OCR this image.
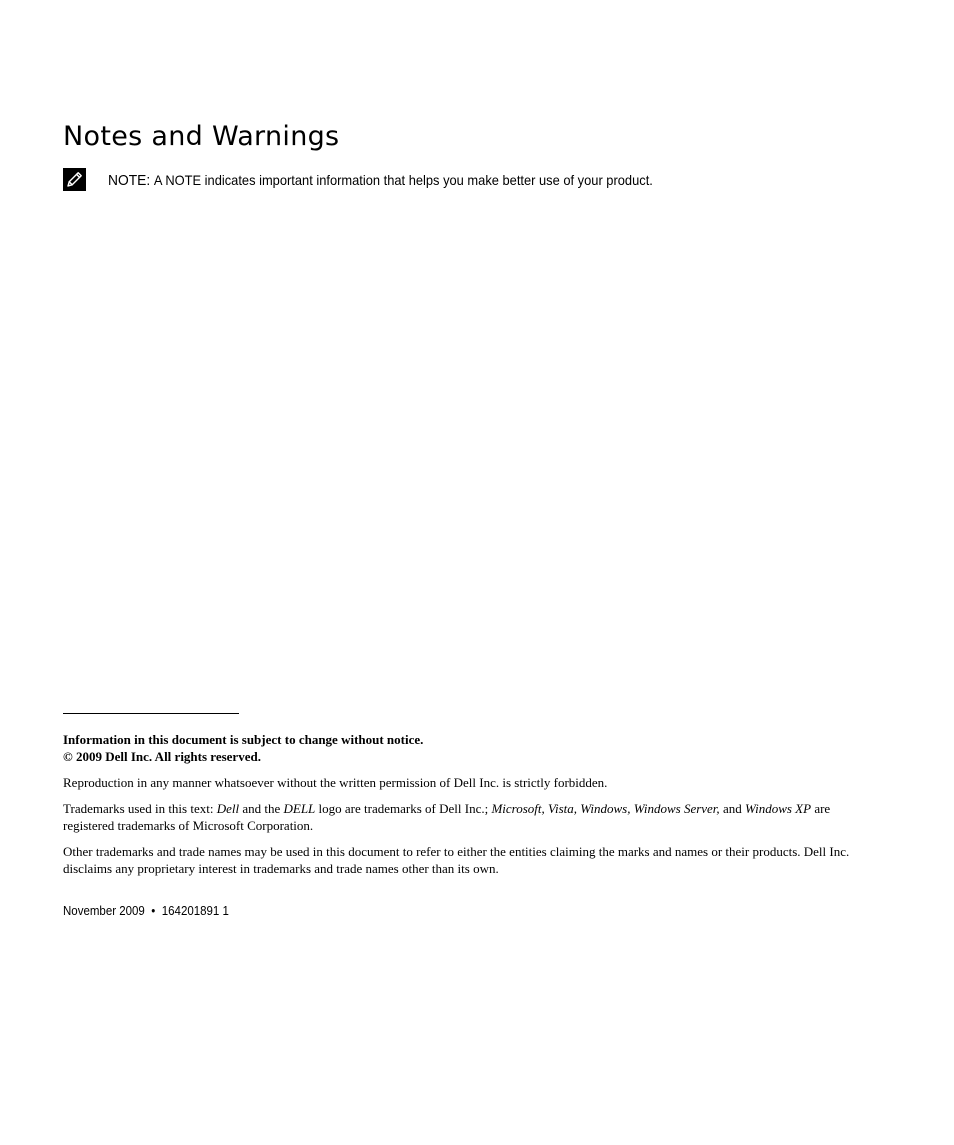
Notes and Warnings
NOTE: A NOTE indicates important information that helps you make better use of your product.

Information in this document is subject to change without notice.
© 2009 Dell Inc. All rights reserved.

Reproduction in any manner whatsoever without the written permission of Dell Inc. is strictly forbidden.

Trademarks used in this text: Dell and the DELL logo are trademarks of Dell Inc.; Microsoft, Vista, Windows, Windows Server, and Windows XP are registered trademarks of Microsoft Corporation.

Other trademarks and trade names may be used in this document to refer to either the entities claiming the marks and names or their products. Dell Inc. disclaims any proprietary interest in trademarks and trade names other than its own.

November 2009 • 164201891 1
